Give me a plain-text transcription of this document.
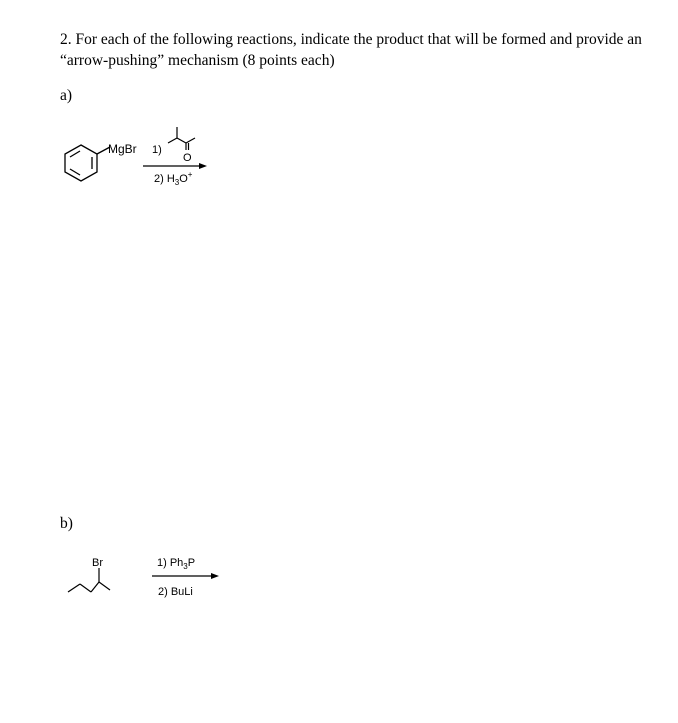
2. For each of the following reactions, indicate the product that will be formed and provide an “arrow-pushing” mechanism (8 points each)
a)
MgBr 1)
O
2) $H_3O^+$
b)
Br	1) $Ph_3P$
2) BuLi
